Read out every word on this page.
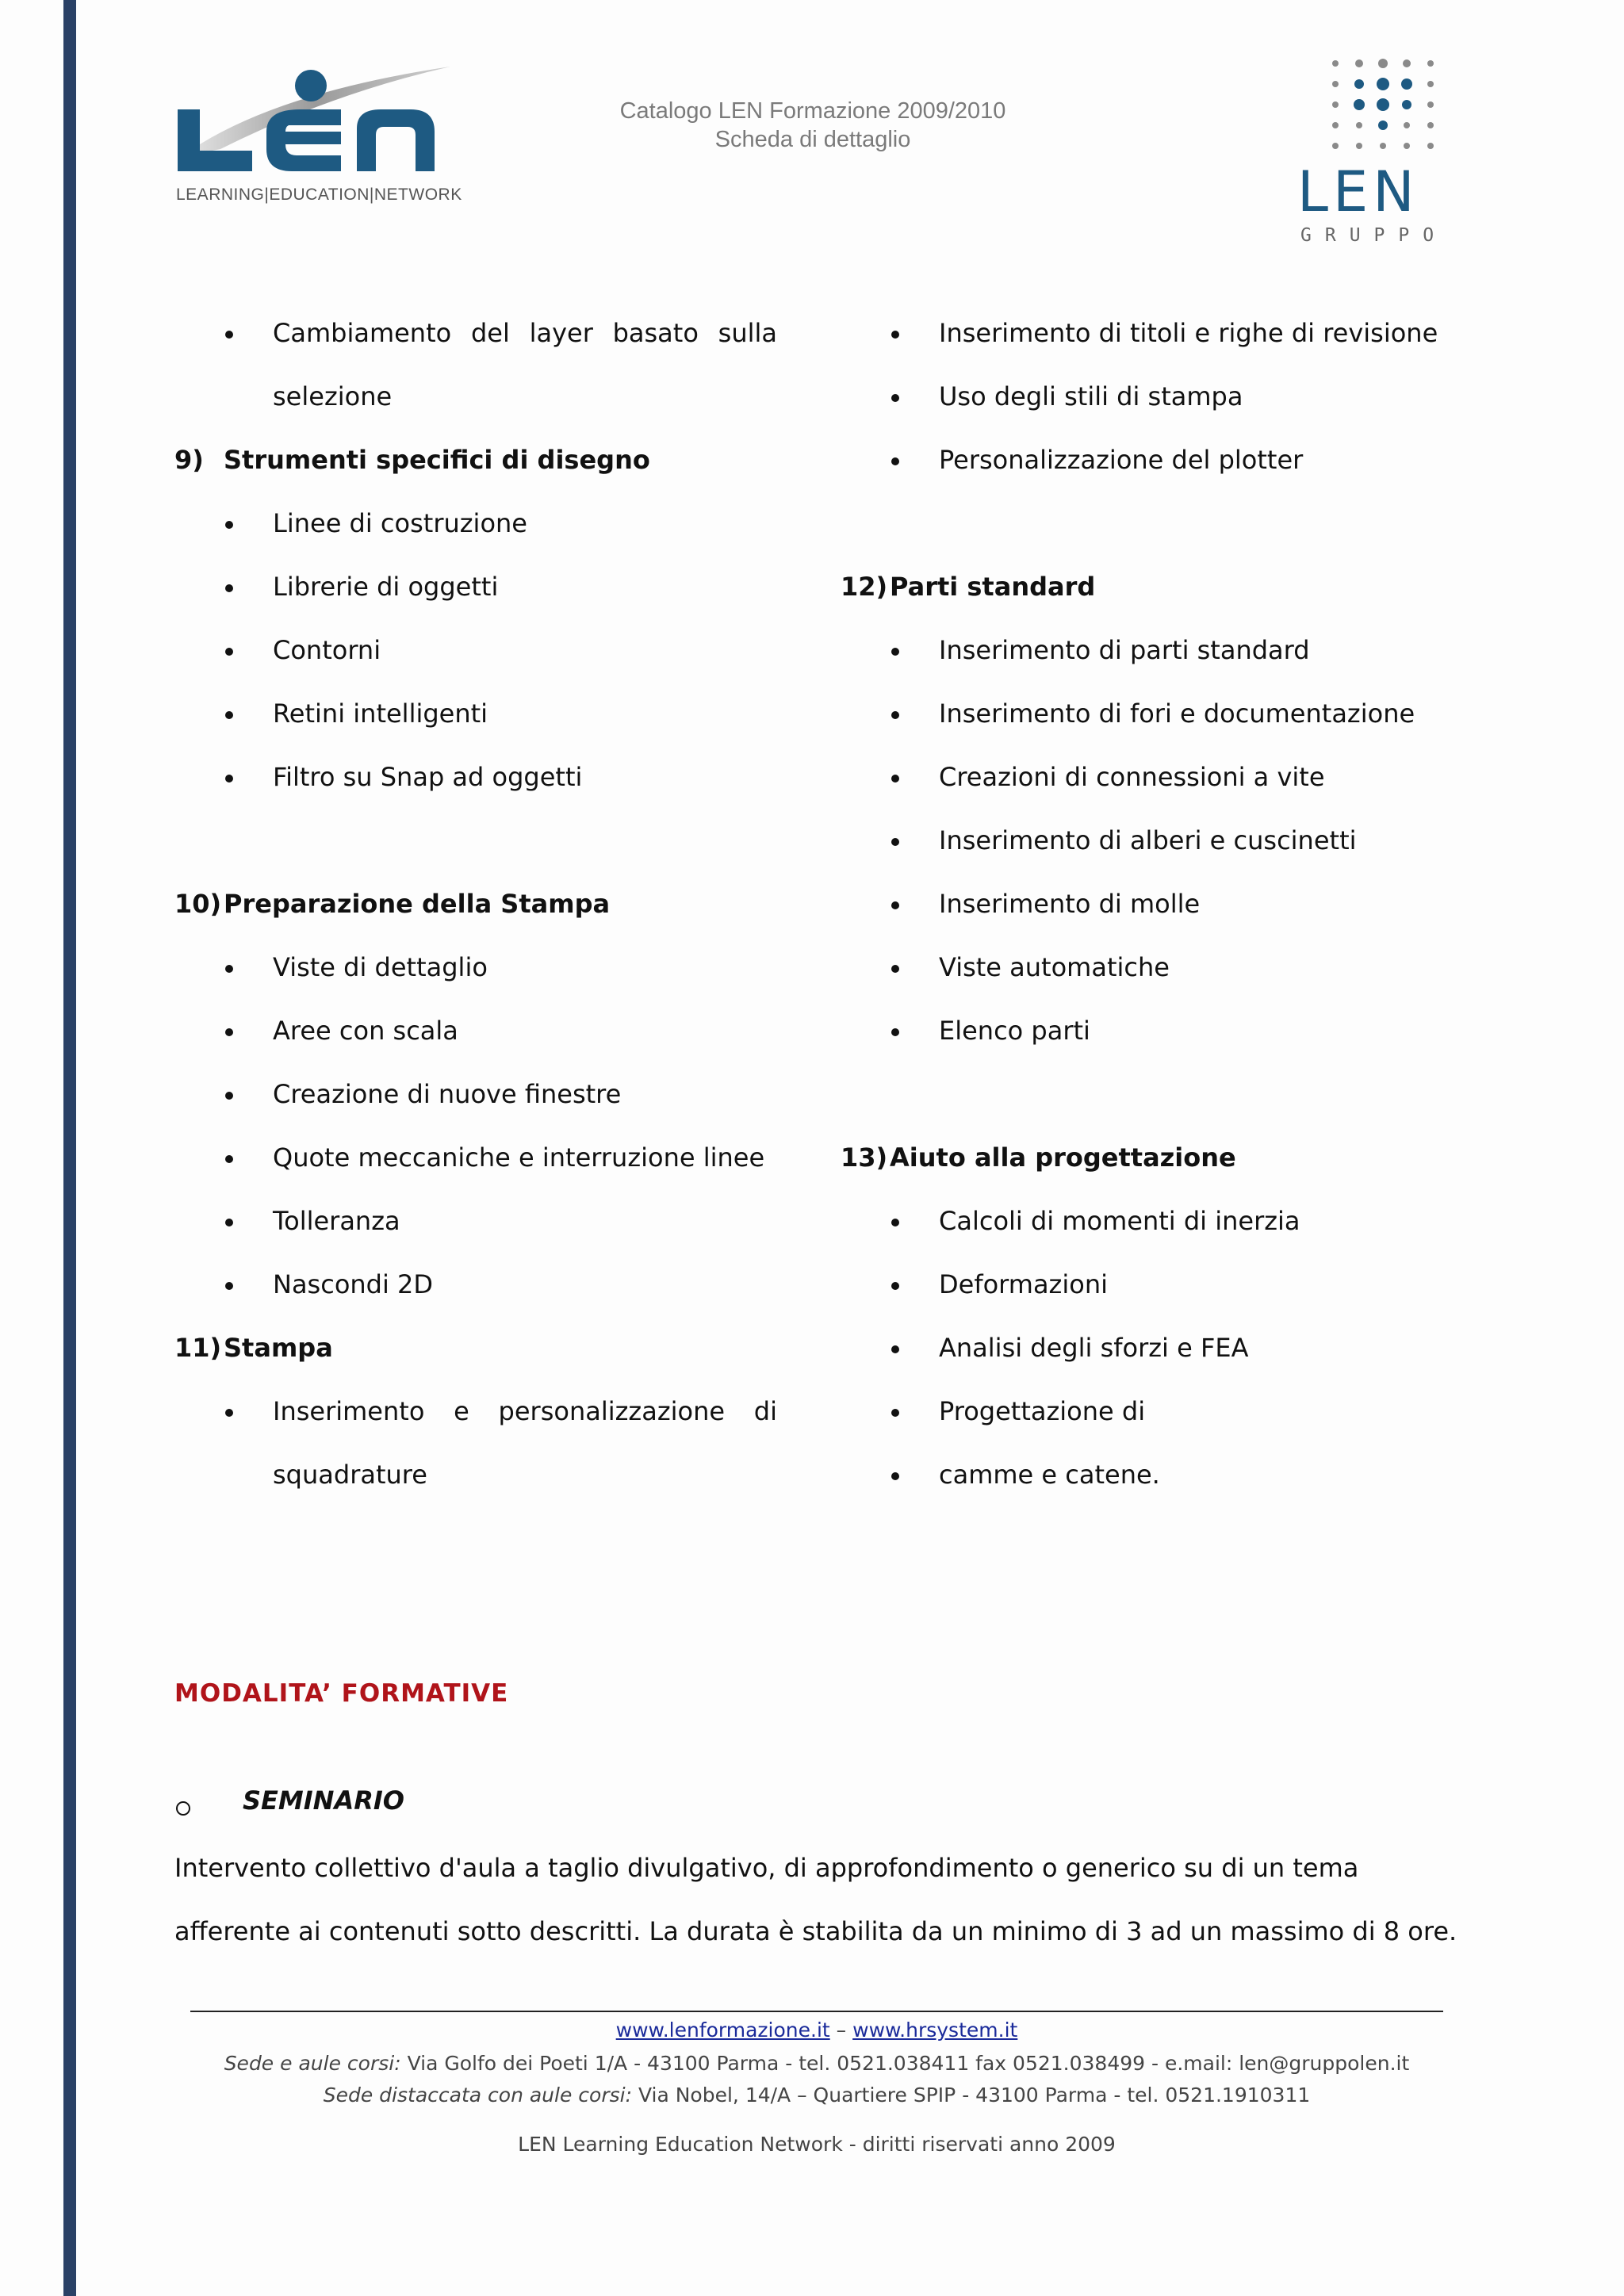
LEARNING|EDUCATION|NETWORK
Catalogo LEN Formazione 2009/2010
Scheda di dettaglio
LEN
GRUPPO
Cambiamento del layer basato sulla
selezione
9) Strumenti specifici di disegno
Linee di costruzione
Librerie di oggetti
Contorni
Retini intelligenti
Filtro su Snap ad oggetti
10)Preparazione della Stampa
Viste di dettaglio
Aree con scala
Creazione di nuove finestre
Quote meccaniche e interruzione linee
Tolleranza
Nascondi 2D
11)Stampa
Inserimento e personalizzazione di
squadrature
Inserimento di titoli e righe di revisione
Uso degli stili di stampa
Personalizzazione del plotter
12)Parti standard
Inserimento di parti standard
Inserimento di fori e documentazione
Creazioni di connessioni a vite
Inserimento di alberi e cuscinetti
Inserimento di molle
Viste automatiche
Elenco parti
13)Aiuto alla progettazione
Calcoli di momenti di inerzia
Deformazioni
Analisi degli sforzi e FEA
Progettazione di
camme e catene.
MODALITA’ FORMATIVE
SEMINARIO
Intervento collettivo d'aula a taglio divulgativo, di approfondimento o generico su di un tema afferente ai contenuti sotto descritti. La durata è stabilita da un minimo di 3 ad un massimo di 8 ore.
www.lenformazione.it – www.hrsystem.it
Sede e aule corsi: Via Golfo dei Poeti 1/A - 43100 Parma - tel. 0521.038411 fax 0521.038499 - e.mail: len@gruppolen.it
Sede distaccata con aule corsi: Via Nobel, 14/A – Quartiere SPIP - 43100 Parma - tel. 0521.1910311
LEN Learning Education Network - diritti riservati anno 2009
